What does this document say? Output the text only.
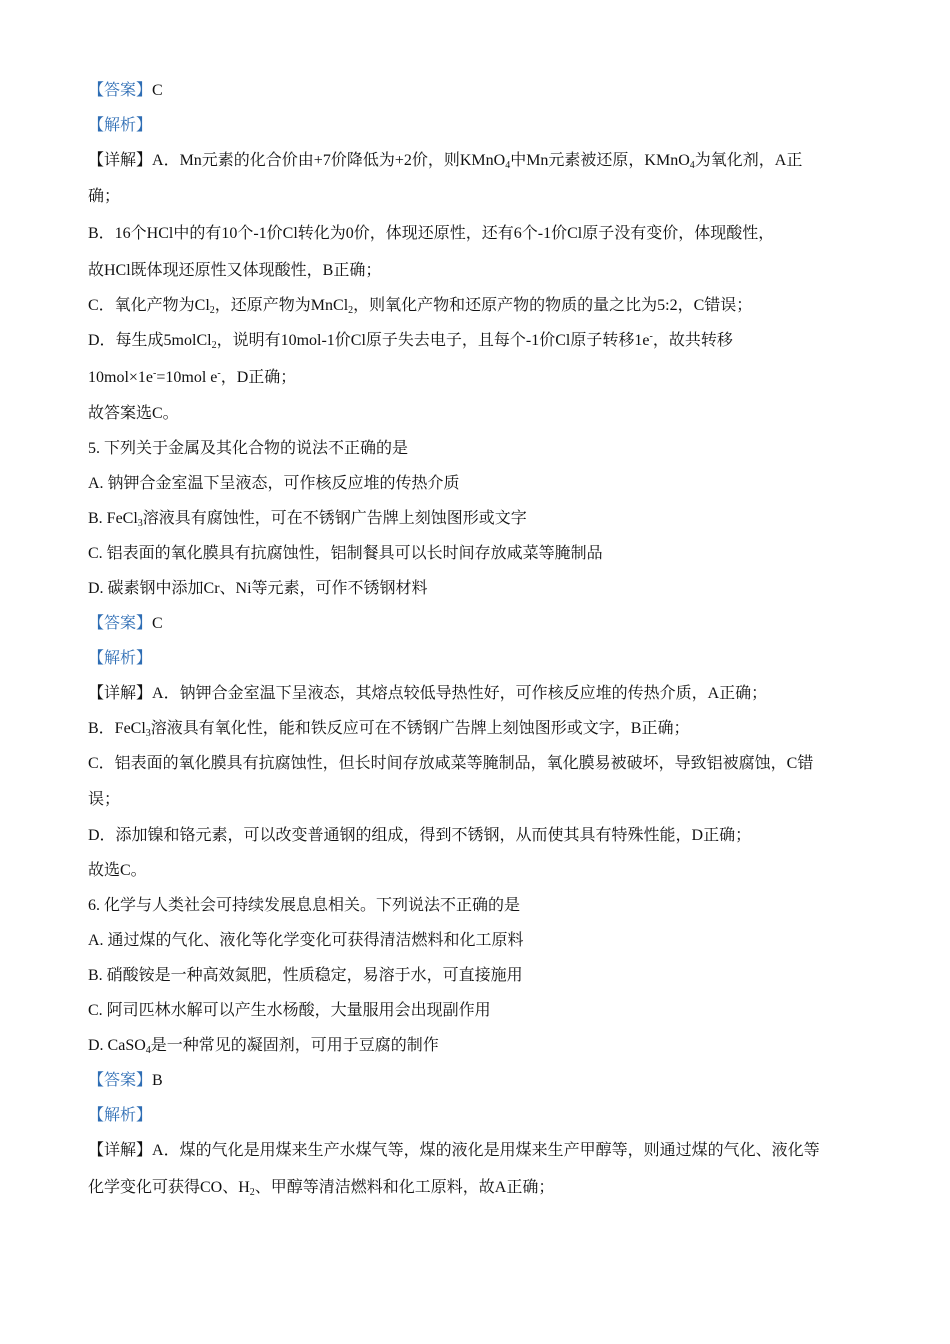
【答案】C
【解析】
【详解】A．Mn元素的化合价由+7价降低为+2价，则KMnO$_4$中Mn元素被还原，KMnO$_4$为氧化剂，A正
确；
B．16个HCl中的有10个-1价Cl转化为0价，体现还原性，还有6个-1价Cl原子没有变价，体现酸性，
故HCl既体现还原性又体现酸性，B正确；
C．氧化产物为$Cl_2$，还原产物为MnCl$_2$，则氧化产物和还原产物的物质的量之比为5:2，C错误；
D．每生成5molCl$_2$，说明有10mol-1价Cl原子失去电子，且每个-1价Cl原子转移1e-，故共转移
10mol×1e-=10mol e-，D正确；
故答案选C。
5. 下列关于金属及其化合物的说法不正确的是
A. 钠钾合金室温下呈液态，可作核反应堆的传热介质
B. FeCl$_3$溶液具有腐蚀性，可在不锈钢广告牌上刻蚀图形或文字
C. 铝表面的氧化膜具有抗腐蚀性，铝制餐具可以长时间存放咸菜等腌制品
D. 碳素钢中添加Cr、Ni等元素，可作不锈钢材料
【答案】C
【解析】
【详解】A．钠钾合金室温下呈液态，其熔点较低导热性好，可作核反应堆的传热介质，A正确；
B．FeCl$_3$溶液具有氧化性，能和铁反应可在不锈钢广告牌上刻蚀图形或文字，B正确；
C．铝表面的氧化膜具有抗腐蚀性，但长时间存放咸菜等腌制品，氧化膜易被破坏，导致铝被腐蚀，C错
误；
D．添加镍和铬元素，可以改变普通钢的组成，得到不锈钢，从而使其具有特殊性能，D正确；
故选C。
6. 化学与人类社会可持续发展息息相关。下列说法不正确的是
A. 通过煤的气化、液化等化学变化可获得清洁燃料和化工原料
B. 硝酸铵是一种高效氮肥，性质稳定，易溶于水，可直接施用
C. 阿司匹林水解可以产生水杨酸，大量服用会出现副作用
D. CaSO$_4$是一种常见的凝固剂，可用于豆腐的制作
【答案】B
【解析】
【详解】A．煤的气化是用煤来生产水煤气等，煤的液化是用煤来生产甲醇等，则通过煤的气化、液化等
化学变化可获得CO、$H_2$、甲醇等清洁燃料和化工原料，故A正确；
